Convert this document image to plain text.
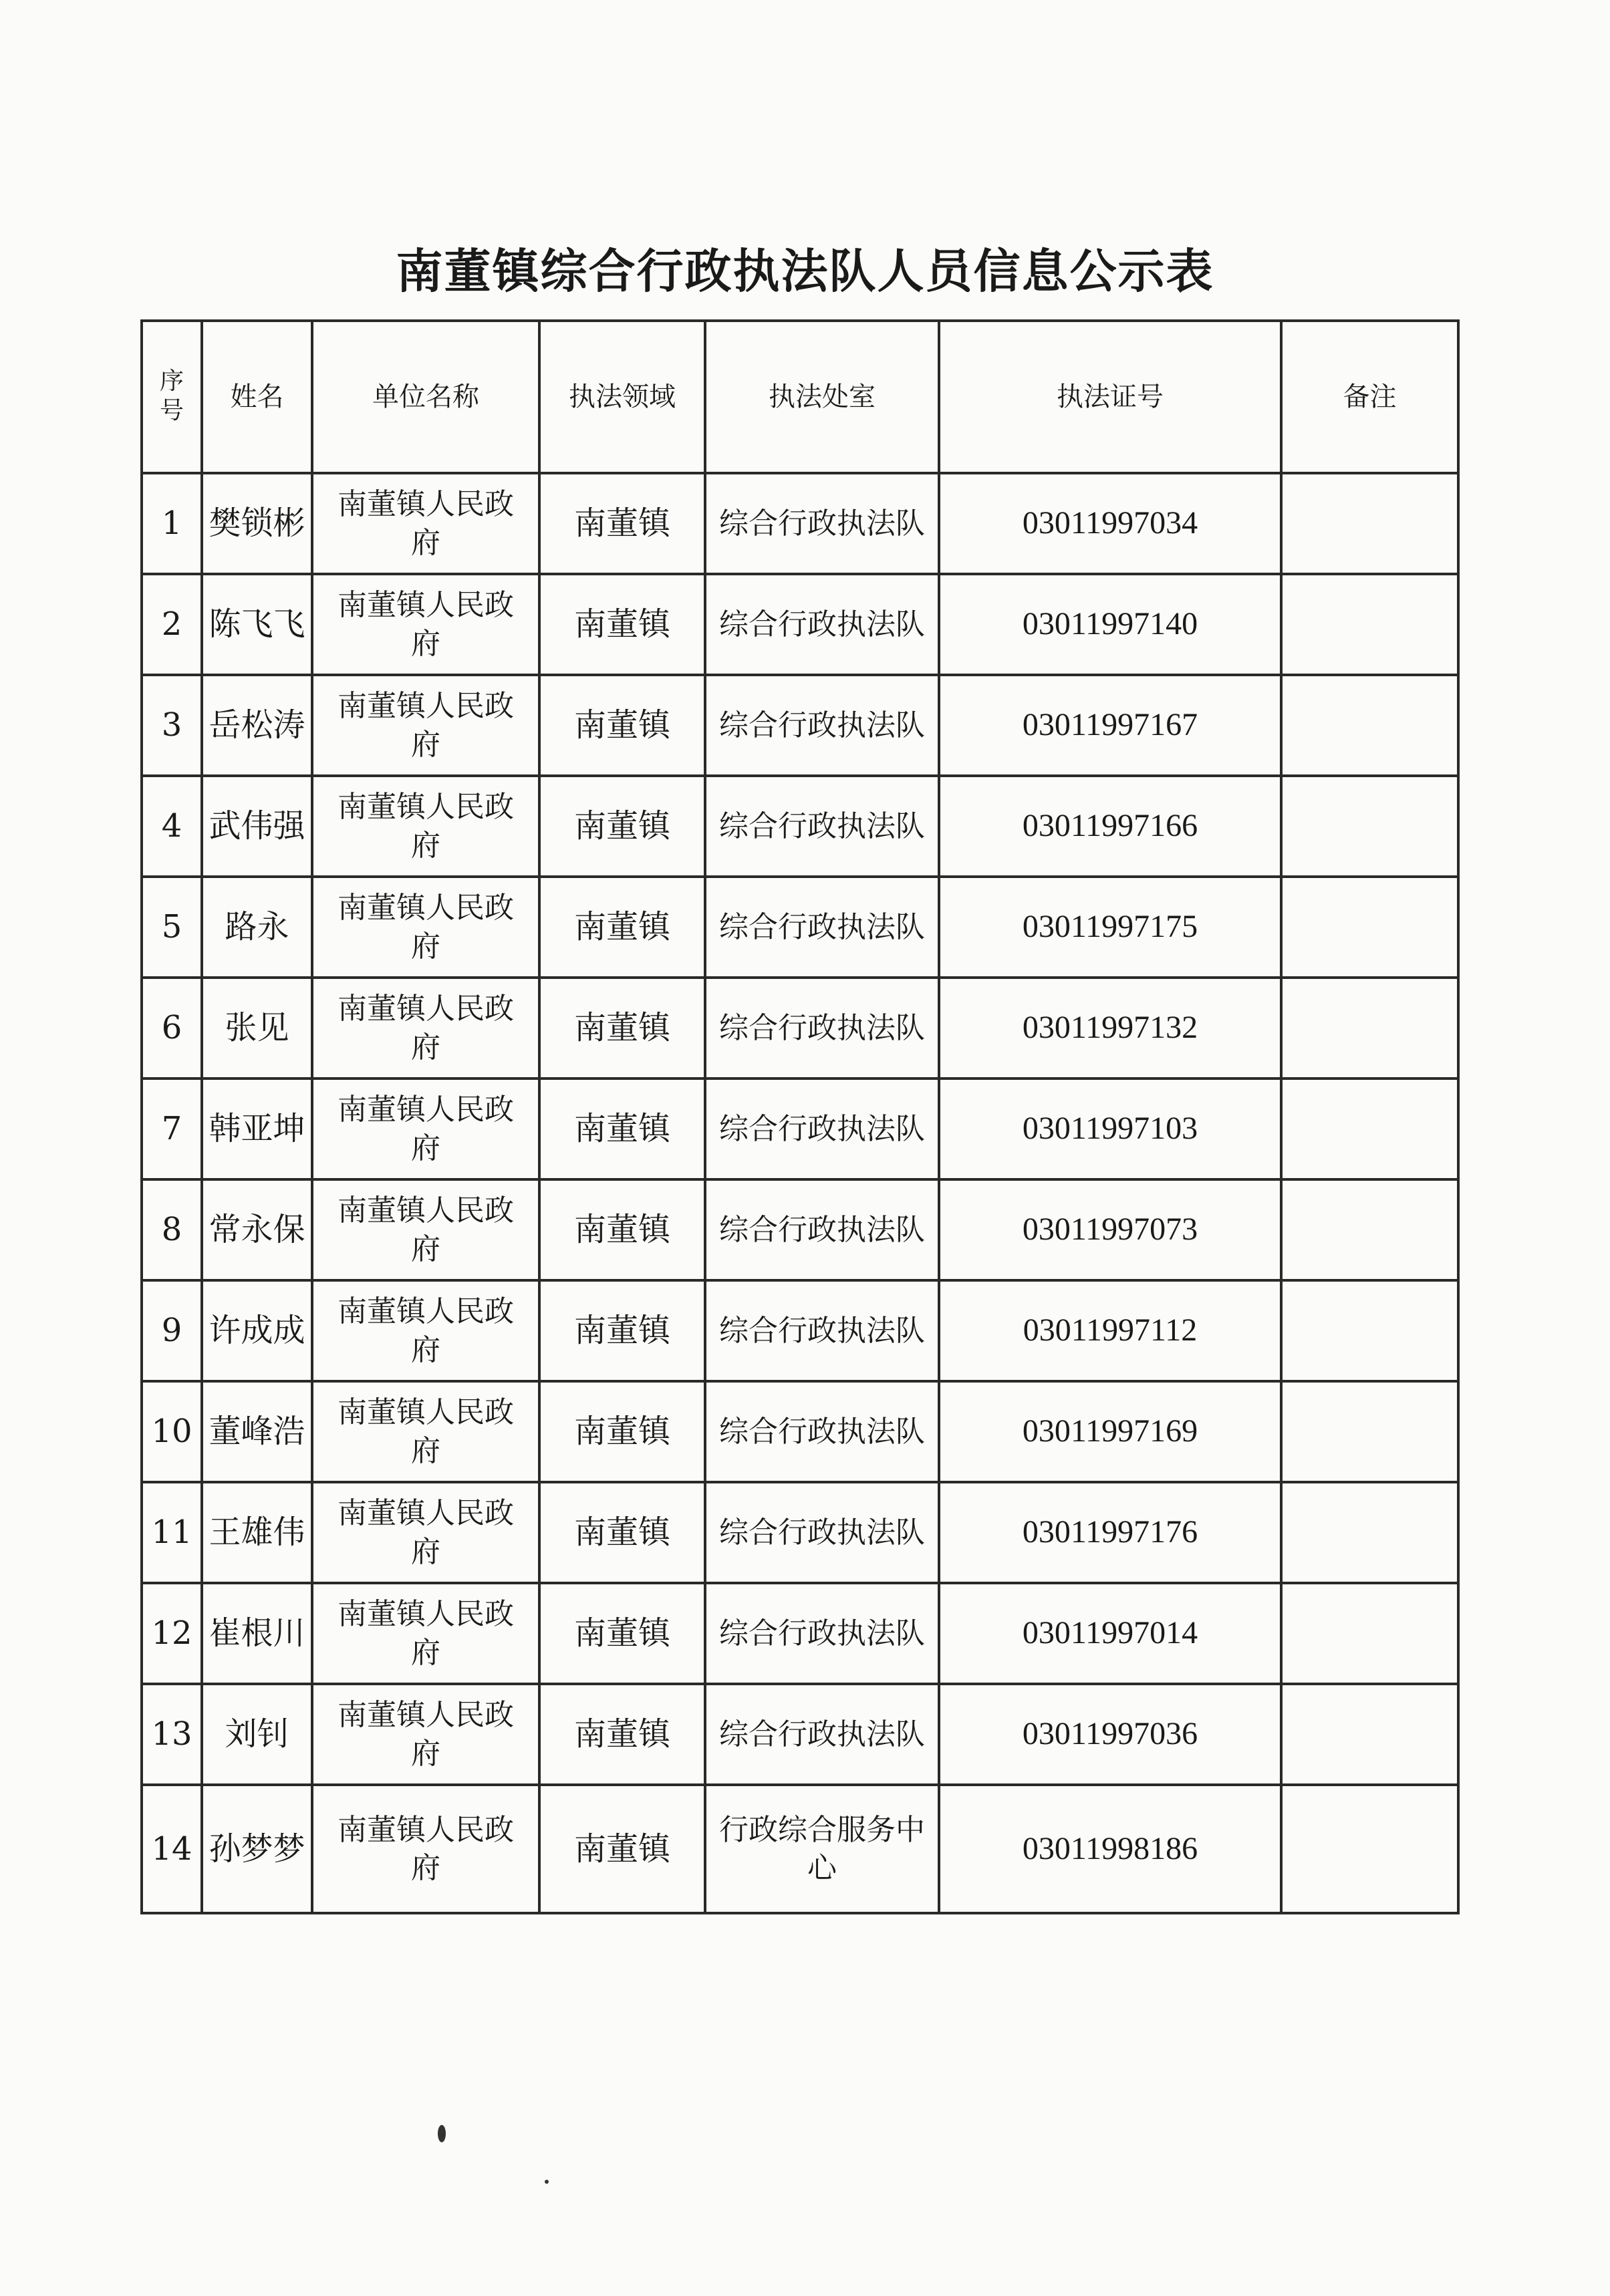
南董镇综合行政执法队人员信息公示表
序号	姓名	单位名称	执法领域	执法处室	执法证号	备注
1	樊锁彬	南董镇人民政府	南董镇	综合行政执法队	03011997034	
2	陈飞飞	南董镇人民政府	南董镇	综合行政执法队	03011997140	
3	岳松涛	南董镇人民政府	南董镇	综合行政执法队	03011997167	
4	武伟强	南董镇人民政府	南董镇	综合行政执法队	03011997166	
5	路永	南董镇人民政府	南董镇	综合行政执法队	03011997175	
6	张见	南董镇人民政府	南董镇	综合行政执法队	03011997132	
7	韩亚坤	南董镇人民政府	南董镇	综合行政执法队	03011997103	
8	常永保	南董镇人民政府	南董镇	综合行政执法队	03011997073	
9	许成成	南董镇人民政府	南董镇	综合行政执法队	03011997112	
10	董峰浩	南董镇人民政府	南董镇	综合行政执法队	03011997169	
11	王雄伟	南董镇人民政府	南董镇	综合行政执法队	03011997176	
12	崔根川	南董镇人民政府	南董镇	综合行政执法队	03011997014	
13	刘钊	南董镇人民政府	南董镇	综合行政执法队	03011997036	
14	孙梦梦	南董镇人民政府	南董镇	行政综合服务中心	03011998186	
